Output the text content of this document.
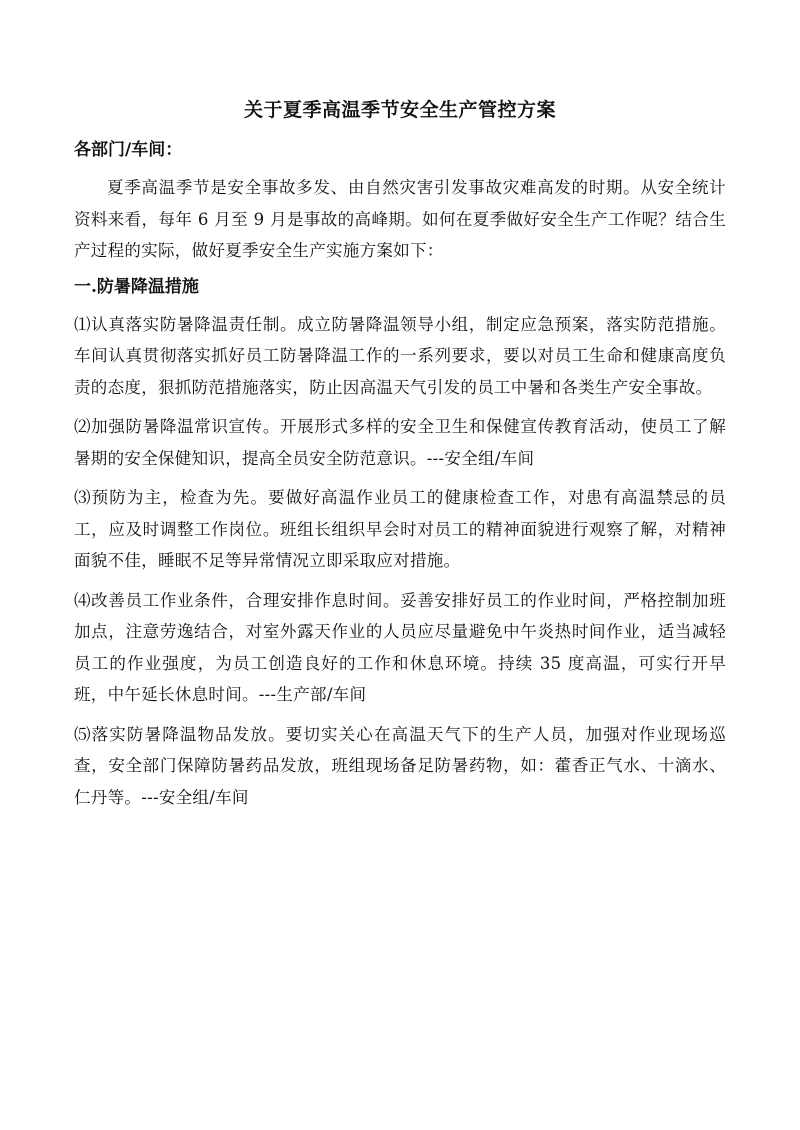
关于夏季高温季节安全生产管控方案
各部门/车间：

夏季高温季节是安全事故多发、由自然灾害引发事故灾难高发的时期。从安全统计资料来看，每年 6 月至 9 月是事故的高峰期。如何在夏季做好安全生产工作呢？结合生产过程的实际，做好夏季安全生产实施方案如下：

一.防暑降温措施

⑴认真落实防暑降温责任制。成立防暑降温领导小组，制定应急预案，落实防范措施。车间认真贯彻落实抓好员工防暑降温工作的一系列要求，要以对员工生命和健康高度负责的态度，狠抓防范措施落实，防止因高温天气引发的员工中暑和各类生产安全事故。

⑵加强防暑降温常识宣传。开展形式多样的安全卫生和保健宣传教育活动，使员工了解暑期的安全保健知识，提高全员安全防范意识。---安全组/车间

⑶预防为主，检查为先。要做好高温作业员工的健康检查工作，对患有高温禁忌的员工，应及时调整工作岗位。班组长组织早会时对员工的精神面貌进行观察了解，对精神面貌不佳，睡眠不足等异常情况立即采取应对措施。

⑷改善员工作业条件，合理安排作息时间。妥善安排好员工的作业时间，严格控制加班加点，注意劳逸结合，对室外露天作业的人员应尽量避免中午炎热时间作业，适当减轻员工的作业强度，为员工创造良好的工作和休息环境。持续 35 度高温，可实行开早班，中午延长休息时间。---生产部/车间

⑸落实防暑降温物品发放。要切实关心在高温天气下的生产人员，加强对作业现场巡查，安全部门保障防暑药品发放，班组现场备足防暑药物，如：藿香正气水、十滴水、仁丹等。---安全组/车间
